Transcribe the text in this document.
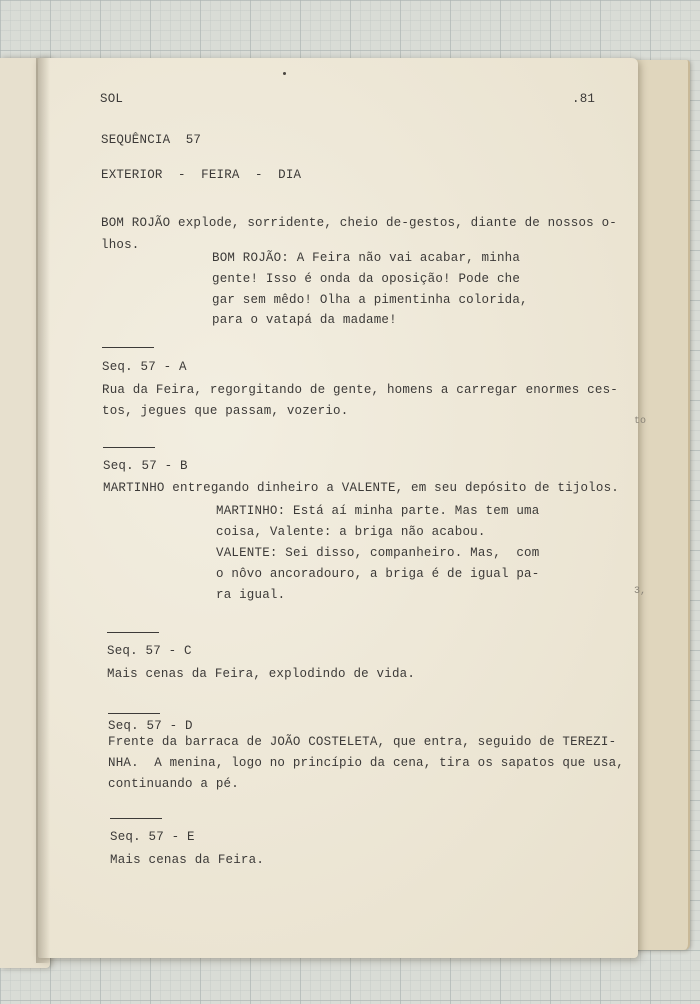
to
3,

SOL	.81

SEQUÊNCIA  57

EXTERIOR  -  FEIRA  -  DIA

BOM ROJÃO explode, sorridente, cheio de-gestos, diante de nossos o-

lhos.

BOM ROJÃO: A Feira não vai acabar, minha

gente! Isso é onda da oposição! Pode che

gar sem mêdo! Olha a pimentinha colorida,

para o vatapá da madame!

Seq. 57 - A

Rua da Feira, regorgitando de gente, homens a carregar enormes ces-

tos, jegues que passam, vozerio.

Seq. 57 - B

MARTINHO entregando dinheiro a VALENTE, em seu depósito de tijolos.

MARTINHO: Está aí minha parte. Mas tem uma

coisa, Valente: a briga não acabou.

VALENTE: Sei disso, companheiro. Mas,  com

o nôvo ancoradouro, a briga é de igual pa-

ra igual.

Seq. 57 - C

Mais cenas da Feira, explodindo de vida.

Seq. 57 - D

Frente da barraca de JOÃO COSTELETA, que entra, seguido de TEREZI-

NHA.  A menina, logo no princípio da cena, tira os sapatos que usa,

continuando a pé.

Seq. 57 - E

Mais cenas da Feira.
